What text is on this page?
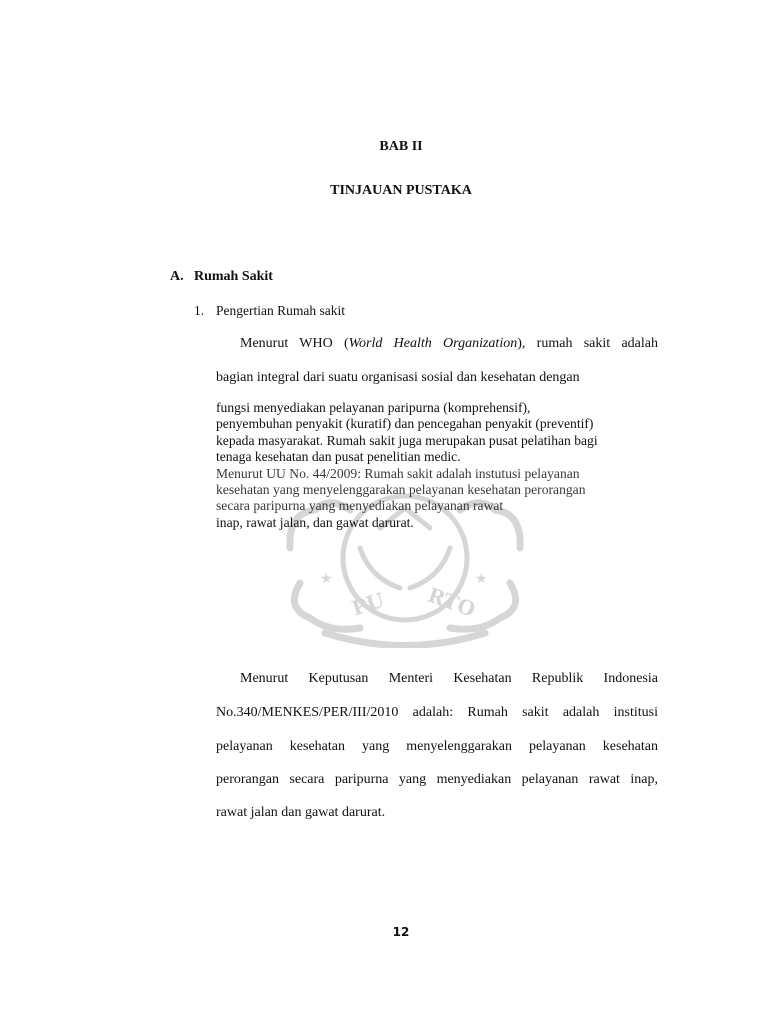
BAB II

TINJAUAN PUSTAKA

A. Rumah Sakit

1. Pengertian Rumah sakit

Menurut WHO (World Health Organization), rumah sakit adalah

bagian integral dari suatu organisasi sosial dan kesehatan dengan

★	★
PU RTO
fungsi menyediakan pelayanan paripurna (komprehensif),
penyembuhan penyakit (kuratif) dan pencegahan penyakit (preventif)
kepada masyarakat. Rumah sakit juga merupakan pusat pelatihan bagi
tenaga kesehatan dan pusat penelitian medic.
Menurut UU No. 44/2009: Rumah sakit adalah instutusi pelayanan
kesehatan yang menyelenggarakan pelayanan kesehatan perorangan
secara paripurna yang menyediakan pelayanan rawat
inap, rawat jalan, dan gawat darurat.

Menurut Keputusan Menteri Kesehatan Republik Indonesia

No.340/MENKES/PER/III/2010 adalah: Rumah sakit adalah institusi

pelayanan kesehatan yang menyelenggarakan pelayanan kesehatan

perorangan secara paripurna yang menyediakan pelayanan rawat inap,

rawat jalan dan gawat darurat.

12
